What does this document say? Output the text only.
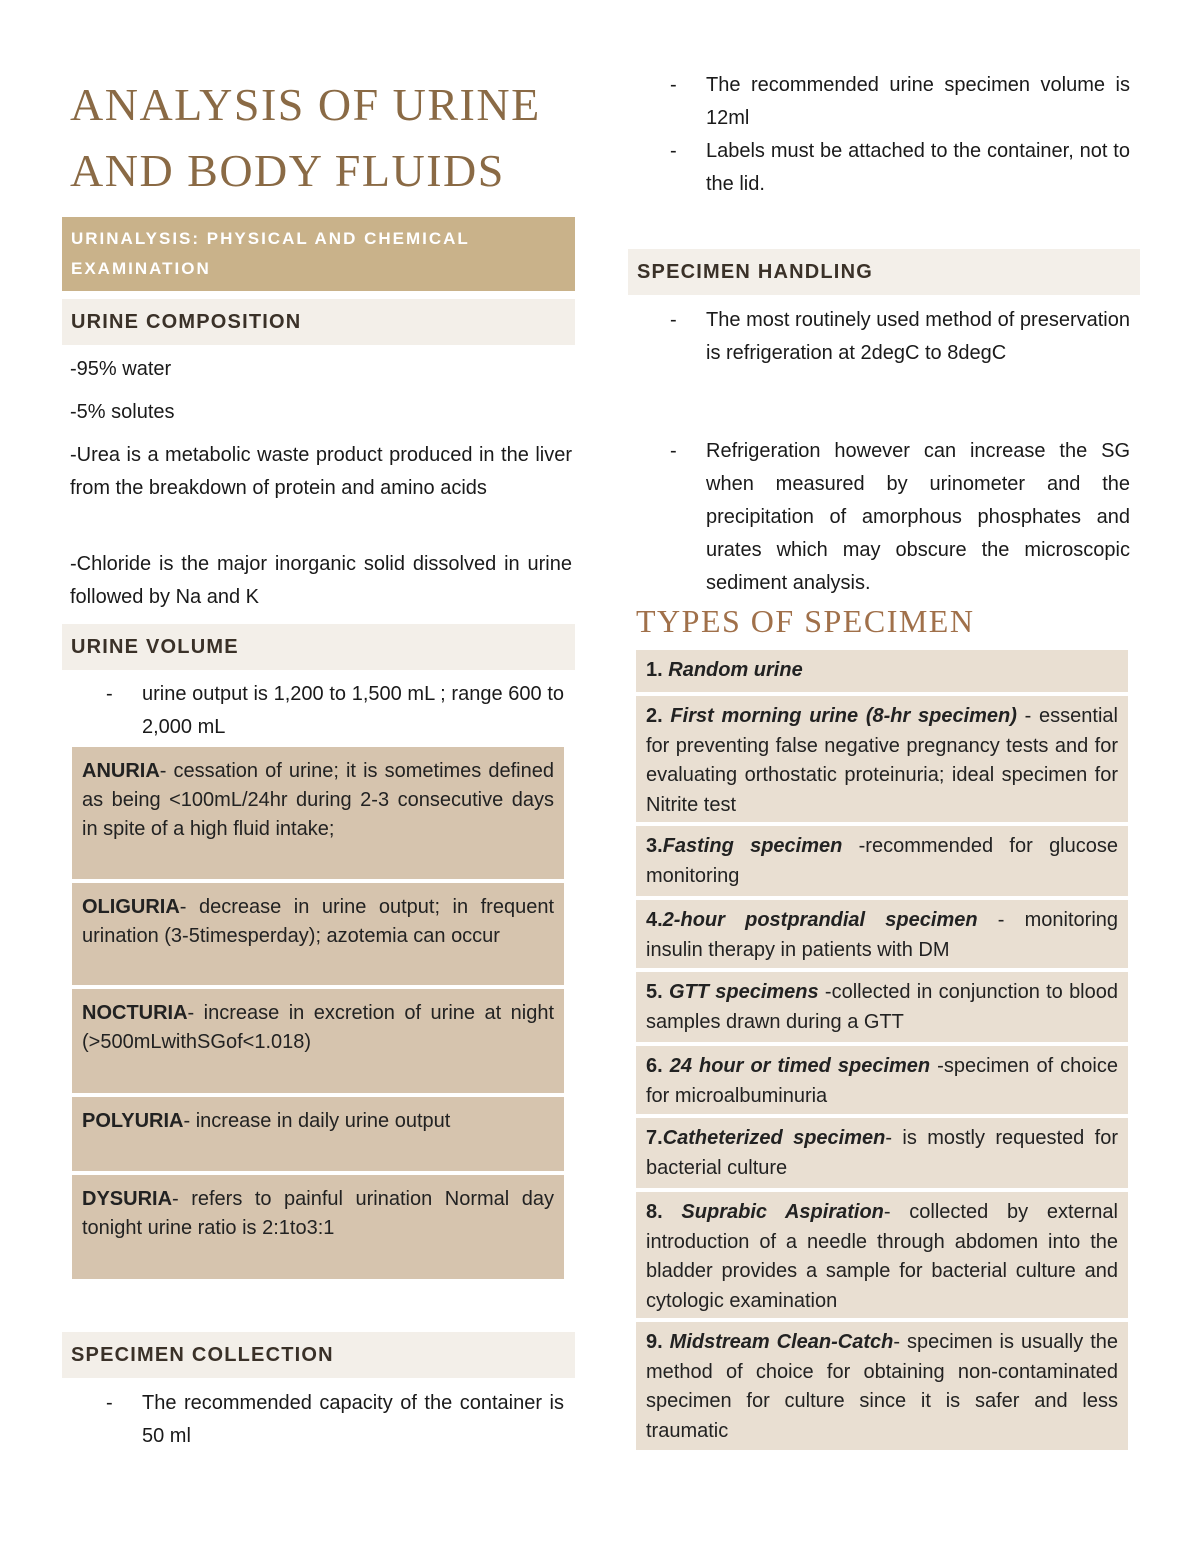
ANALYSIS OF URINE
AND BODY FLUIDS
URINALYSIS: PHYSICAL AND CHEMICAL EXAMINATION
URINE COMPOSITION

-95% water

-5% solutes

-Urea is a metabolic waste product produced in the liver from the breakdown of protein and amino acids

-Chloride is the major inorganic solid dissolved in urine followed by Na and K

URINE VOLUME
- urine output is 1,200 to 1,500 mL ; range 600 to 2,000 mL

ANURIA- cessation of urine; it is sometimes defined as being <100mL/24hr during 2-3 consecutive days in spite of a high fluid intake;

OLIGURIA- decrease in urine output; in frequent urination (3-5timesperday); azotemia can occur

NOCTURIA- increase in excretion of urine at night (>500mLwithSGof<1.018)

POLYURIA- increase in daily urine output

DYSURIA- refers to painful urination Normal day tonight urine ratio is 2:1to3:1

SPECIMEN COLLECTION
- The recommended capacity of the container is 50 ml
- The recommended urine specimen volume is 12ml
- Labels must be attached to the container, not to the lid.
SPECIMEN HANDLING
- The most routinely used method of preservation is refrigeration at 2degC to 8degC
- Refrigeration however can increase the SG when measured by urinometer and the precipitation of amorphous phosphates and urates which may obscure the microscopic sediment analysis.
TYPES OF SPECIMEN

1. Random urine

2. First morning urine (8-hr specimen) - essential for preventing false negative pregnancy tests and for evaluating orthostatic proteinuria; ideal specimen for Nitrite test

3.Fasting specimen -recommended for glucose monitoring

4.2-hour postprandial specimen - monitoring insulin therapy in patients with DM

5. GTT specimens -collected in conjunction to blood samples drawn during a GTT

6. 24 hour or timed specimen -specimen of choice for microalbuminuria

7.Catheterized specimen- is mostly requested for bacterial culture

8. Suprabic Aspiration- collected by external introduction of a needle through abdomen into the bladder provides a sample for bacterial culture and cytologic examination

9. Midstream Clean-Catch- specimen is usually the method of choice for obtaining non-contaminated specimen for culture since it is safer and less traumatic
